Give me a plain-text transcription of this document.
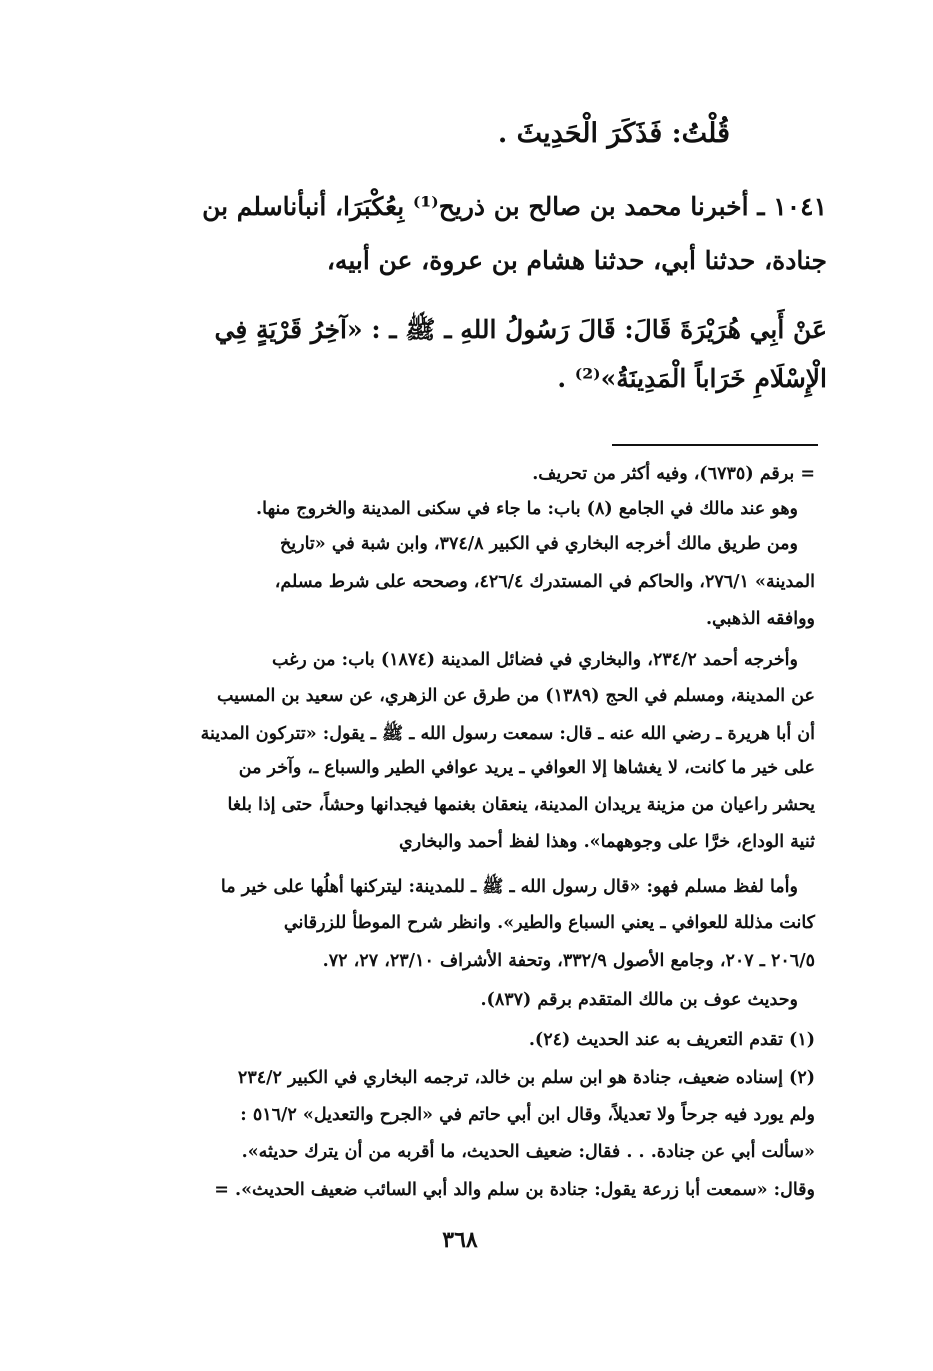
قُلْتُ: فَذَكَرَ الْحَدِيثَ .
١٠٤١ ـ أخبرنا محمد بن صالح بن ذريح⁽¹⁾ بِعُكْبَرَا، أنبأناسلم بن
جنادة، حدثنا أبي، حدثنا هشام بن عروة، عن أبيه،
عَنْ أَبِي هُرَيْرَةَ قَالَ: قَالَ رَسُولُ اللهِ ـ ﷺ ـ : «آخِرُ قَرْيَةٍ فِي
الْإِسْلَامِ خَرَاباً الْمَدِينَةُ»⁽²⁾ .
= برقم (٦٧٣٥)، وفيه أكثر من تحريف.
وهو عند مالك في الجامع (٨) باب: ما جاء في سكنى المدينة والخروج منها.
ومن طريق مالك أخرجه البخاري في الكبير ٣٧٤/٨، وابن شبة في «تاريخ
المدينة» ٢٧٦/١، والحاكم في المستدرك ٤٢٦/٤، وصححه على شرط مسلم،
ووافقه الذهبي.
وأخرجه أحمد ٢٣٤/٢، والبخاري في فضائل المدينة (١٨٧٤) باب: من رغب
عن المدينة، ومسلم في الحج (١٣٨٩) من طرق عن الزهري، عن سعيد بن المسيب
أن أبا هريرة ـ رضي الله عنه ـ قال: سمعت رسول الله ـ ﷺ ـ يقول: «تتركون المدينة
على خير ما كانت، لا يغشاها إلا العوافي ـ يريد عوافي الطير والسباع ـ، وآخر من
يحشر راعيان من مزينة يريدان المدينة، ينعقان بغنمها فيجدانها وحشاً، حتى إذا بلغا
ثنية الوداع، خرَّا على وجوههما». وهذا لفظ أحمد والبخاري
وأما لفظ مسلم فهو: «قال رسول الله ـ ﷺ ـ للمدينة: ليتركنها أهلُها على خير ما
كانت مذللة للعوافي ـ يعني السباع والطير». وانظر شرح الموطأ للزرقاني
٢٠٦/٥ ـ ٢٠٧، وجامع الأصول ٣٣٢/٩، وتحفة الأشراف ٢٣/١٠، ٢٧، ٧٢.
وحديث عوف بن مالك المتقدم برقم (٨٣٧).
(١) تقدم التعريف به عند الحديث (٢٤).
(٢) إسناده ضعيف، جنادة هو ابن سلم بن خالد، ترجمه البخاري في الكبير ٢٣٤/٢
ولم يورد فيه جرحاً ولا تعديلاً، وقال ابن أبي حاتم في «الجرح والتعديل» ٥١٦/٢ :
«سألت أبي عن جنادة. . . فقال: ضعيف الحديث، ما أقربه من أن يترك حديثه».
وقال: «سمعت أبا زرعة يقول: جنادة بن سلم والد أبي السائب ضعيف الحديث». =
٣٦٨
